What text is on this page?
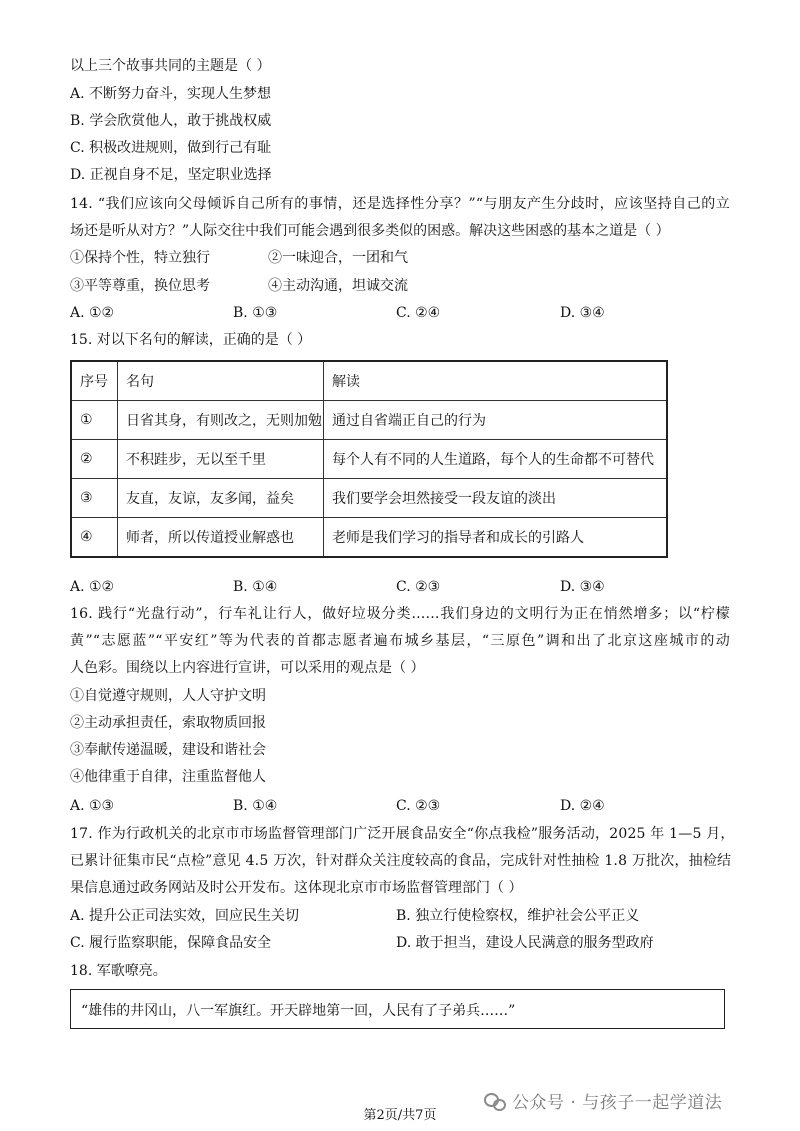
以上三个故事共同的主题是（ ）
A. 不断努力奋斗，实现人生梦想
B. 学会欣赏他人，敢于挑战权威
C. 积极改进规则，做到行己有耻
D. 正视自身不足，坚定职业选择
14. “我们应该向父母倾诉自己所有的事情，还是选择性分享？”“与朋友产生分歧时，应该坚持自己的立
场还是听从对方？”人际交往中我们可能会遇到很多类似的困惑。解决这些困惑的基本之道是（ ）
①保持个性，特立独行	②一味迎合，一团和气
③平等尊重，换位思考	④主动沟通，坦诚交流
A. ①②	B. ①③	C. ②④	D. ③④
15. 对以下名句的解读，正确的是（ ）
序号	名句	解读
①	日省其身，有则改之，无则加勉	通过自省端正自己的行为
②	不积跬步，无以至千里	每个人有不同的人生道路，每个人的生命都不可替代
③	友直，友谅，友多闻，益矣	我们要学会坦然接受一段友谊的淡出
④	师者，所以传道授业解惑也	老师是我们学习的指导者和成长的引路人
A. ①②	B. ①④	C. ②③	D. ③④
16. 践行“光盘行动”，行车礼让行人，做好垃圾分类……我们身边的文明行为正在悄然增多；以“柠檬
黄”“志愿蓝”“平安红”等为代表的首都志愿者遍布城乡基层，“三原色”调和出了北京这座城市的动
人色彩。围绕以上内容进行宣讲，可以采用的观点是（ ）
①自觉遵守规则，人人守护文明
②主动承担责任，索取物质回报
③奉献传递温暖，建设和谐社会
④他律重于自律，注重监督他人
A. ①③	B. ①④	C. ②③	D. ②④
17. 作为行政机关的北京市市场监督管理部门广泛开展食品安全“你点我检”服务活动，2025 年 1—5 月，
已累计征集市民“点检”意见 4.5 万次，针对群众关注度较高的食品，完成针对性抽检 1.8 万批次，抽检结
果信息通过政务网站及时公开发布。这体现北京市市场监督管理部门（ ）
A. 提升公正司法实效，回应民生关切	B. 独立行使检察权，维护社会公平正义
C. 履行监察职能，保障食品安全	D. 敢于担当，建设人民满意的服务型政府
18. 军歌嘹亮。
“雄伟的井冈山，八一军旗红。开天辟地第一回，人民有了子弟兵……”
公众号 · 与孩子一起学道法
第2页/共7页
